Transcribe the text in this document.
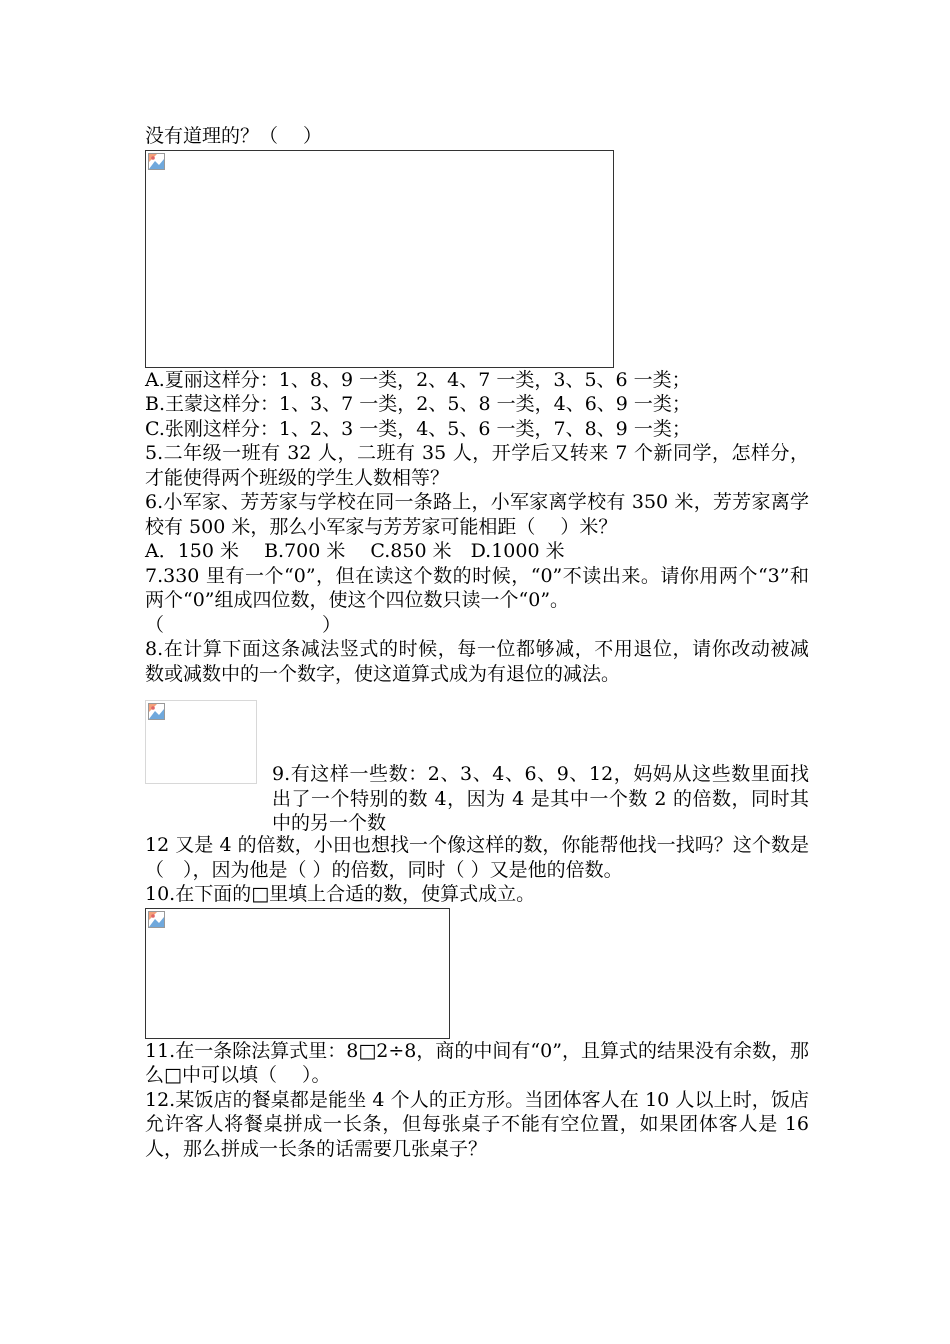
没有道理的？（　 ）

A.夏丽这样分：1、8、9 一类，2、4、7 一类，3、5、6 一类；

B.王蒙这样分：1、3、7 一类，2、5、8 一类，4、6、9 一类；

C.张刚这样分：1、2、3 一类，4、5、6 一类，7、8、9 一类；

5.二年级一班有 32 人，二班有 35 人，开学后又转来 7 个新同学，怎样分，才能使得两个班级的学生人数相等？

6.小军家、芳芳家与学校在同一条路上，小军家离学校有 350 米，芳芳家离学校有 500 米，那么小军家与芳芳家可能相距（　 ）米？

A．150 米　 B.700 米　 C.850 米　D.1000 米

7.330 里有一个“0”，但在读这个数的时候，“0”不读出来。请你用两个“3”和两个“0”组成四位数，使这个四位数只读一个“0”。

（　　　　　　　　 ）

8.在计算下面这条减法竖式的时候，每一位都够减，不用退位，请你改动被减数或减数中的一个数字，使这道算式成为有退位的减法。

9.有这样一些数：2、3、4、6、9、12，妈妈从这些数里面找出了一个特别的数 4，因为 4 是其中一个数 2 的倍数，同时其中的另一个数

12 又是 4 的倍数，小田也想找一个像这样的数，你能帮他找一找吗？这个数是（　），因为他是（ ）的倍数，同时（ ）又是他的倍数。

10.在下面的□里填上合适的数，使算式成立。

11.在一条除法算式里：8□2÷8，商的中间有“0”，且算式的结果没有余数，那么□中可以填（　 ）。

12.某饭店的餐桌都是能坐 4 个人的正方形。当团体客人在 10 人以上时，饭店允许客人将餐桌拼成一长条，但每张桌子不能有空位置，如果团体客人是 16 人，那么拼成一长条的话需要几张桌子？
